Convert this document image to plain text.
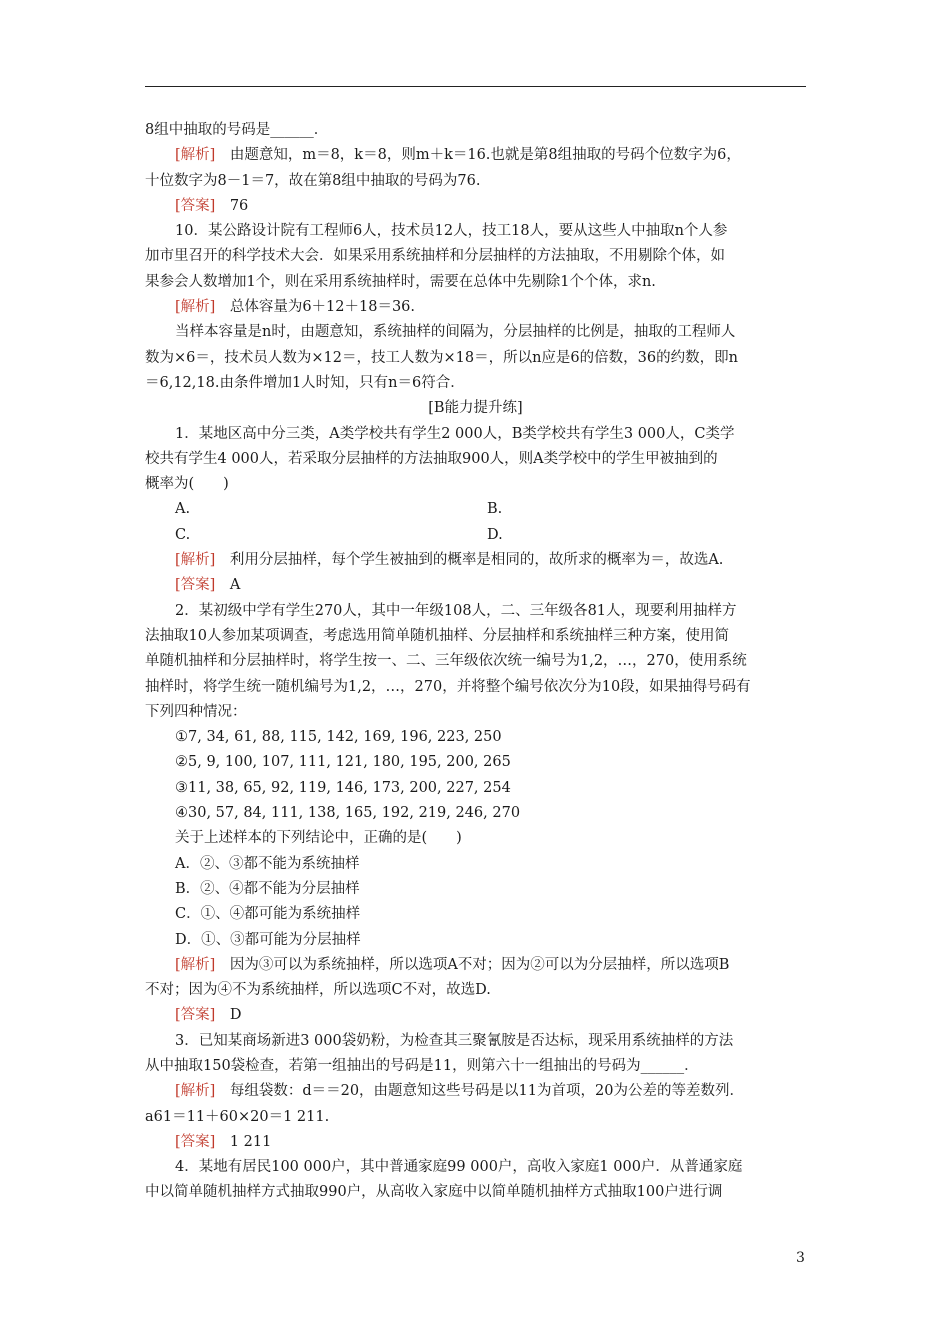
8组中抽取的号码是______．
[解析]　由题意知，m＝8，k＝8，则m＋k＝16.也就是第8组抽取的号码个位数字为6，
十位数字为8－1＝7，故在第8组中抽取的号码为76.
[答案]　76
10．某公路设计院有工程师6人，技术员12人，技工18人，要从这些人中抽取n个人参
加市里召开的科学技术大会．如果采用系统抽样和分层抽样的方法抽取，不用剔除个体，如
果参会人数增加1个，则在采用系统抽样时，需要在总体中先剔除1个个体，求n.
[解析]　总体容量为6＋12＋18＝36.
当样本容量是n时，由题意知，系统抽样的间隔为，分层抽样的比例是，抽取的工程师人
数为×6＝，技术员人数为×12＝，技工人数为×18＝，所以n应是6的倍数，36的约数，即n
＝6,12,18.由条件增加1人时知，只有n＝6符合．
[B能力提升练]
1．某地区高中分三类，A类学校共有学生2 000人，B类学校共有学生3 000人，C类学
校共有学生4 000人，若采取分层抽样的方法抽取900人，则A类学校中的学生甲被抽到的
概率为(　　)
A.	B.
C.	D.
[解析]　利用分层抽样，每个学生被抽到的概率是相同的，故所求的概率为＝，故选A.
[答案]　A
2．某初级中学有学生270人，其中一年级108人，二、三年级各81人，现要利用抽样方
法抽取10人参加某项调查，考虑选用简单随机抽样、分层抽样和系统抽样三种方案，使用简
单随机抽样和分层抽样时，将学生按一、二、三年级依次统一编号为1,2，…，270，使用系统
抽样时，将学生统一随机编号为1,2，…，270，并将整个编号依次分为10段，如果抽得号码有
下列四种情况：
①7, 34, 61, 88, 115, 142, 169, 196, 223, 250
②5, 9, 100, 107, 111, 121, 180, 195, 200, 265
③11, 38, 65, 92, 119, 146, 173, 200, 227, 254
④30, 57, 84, 111, 138, 165, 192, 219, 246, 270
关于上述样本的下列结论中，正确的是(　　)
A．②、③都不能为系统抽样
B．②、④都不能为分层抽样
C．①、④都可能为系统抽样
D．①、③都可能为分层抽样
[解析]　因为③可以为系统抽样，所以选项A不对；因为②可以为分层抽样，所以选项B
不对；因为④不为系统抽样，所以选项C不对，故选D.
[答案]　D
3．已知某商场新进3 000袋奶粉，为检查其三聚氰胺是否达标，现采用系统抽样的方法
从中抽取150袋检查，若第一组抽出的号码是11，则第六十一组抽出的号码为______．
[解析]　每组袋数：d＝＝20，由题意知这些号码是以11为首项，20为公差的等差数列．
a61＝11＋60×20＝1 211.
[答案]　1 211
4．某地有居民100 000户，其中普通家庭99 000户，高收入家庭1 000户．从普通家庭
中以简单随机抽样方式抽取990户，从高收入家庭中以简单随机抽样方式抽取100户进行调
3
